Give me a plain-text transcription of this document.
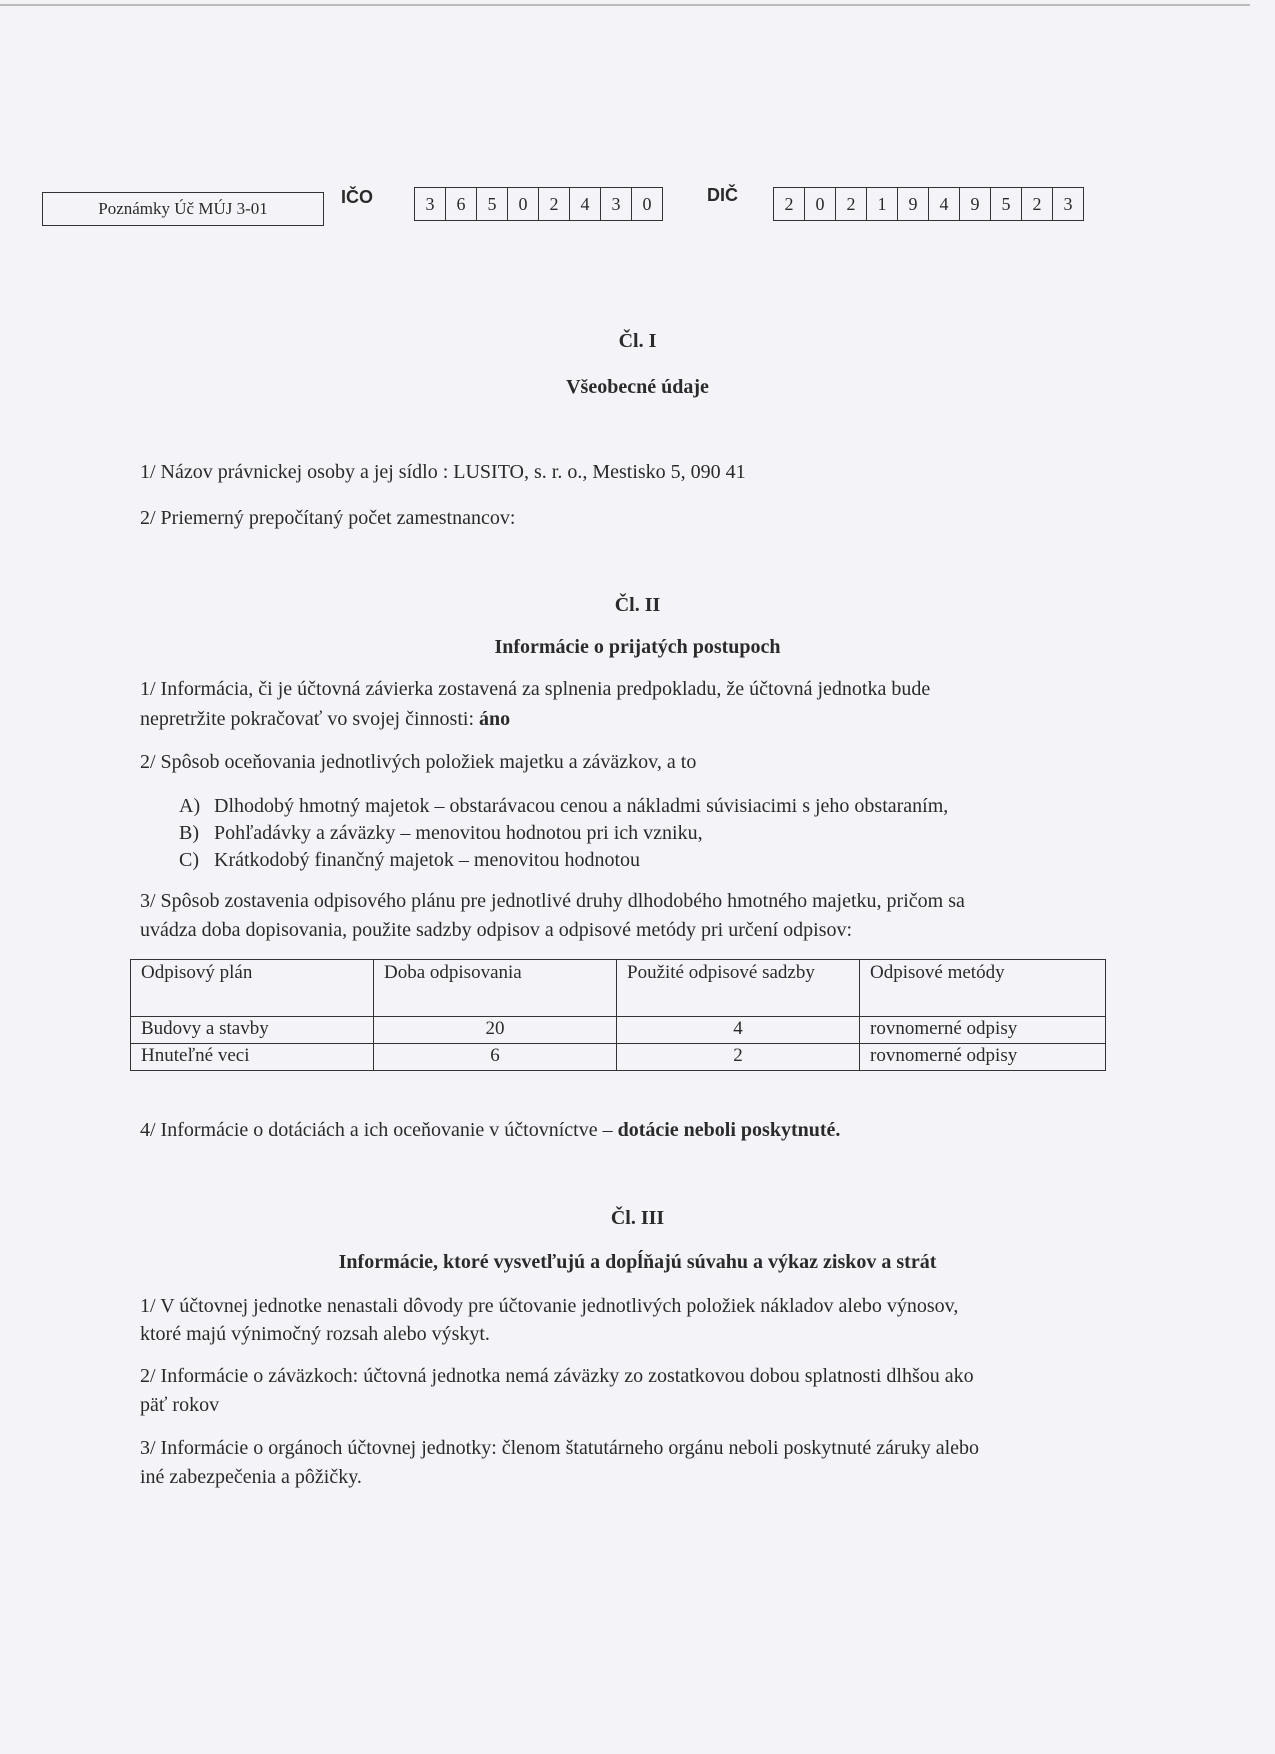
Poznámky Úč MÚJ 3-01
IČO	3	6	5	0	2	4	3	0	DIČ	2	0	2	1	9	4	9	5	2	3
Čl. I
Všeobecné údaje
1/ Názov právnickej osoby a jej sídlo : LUSITO, s. r. o., Mestisko 5, 090 41
2/ Priemerný prepočítaný počet zamestnancov:
Čl. II
Informácie o prijatých postupoch
1/ Informácia, či je účtovná závierka zostavená za splnenia predpokladu, že účtovná jednotka bude
nepretržite pokračovať vo svojej činnosti: áno
2/ Spôsob oceňovania jednotlivých položiek majetku a záväzkov, a to
A) Dlhodobý hmotný majetok – obstarávacou cenou a nákladmi súvisiacimi s jeho obstaraním,
B) Pohľadávky a záväzky – menovitou hodnotou pri ich vzniku,
C) Krátkodobý finančný majetok – menovitou hodnotou
3/ Spôsob zostavenia odpisového plánu pre jednotlivé druhy dlhodobého hmotného majetku, pričom sa
uvádza doba dopisovania, použite sadzby odpisov a odpisové metódy pri určení odpisov:
Odpisový plán	Doba odpisovania	Použité odpisové sadzby	Odpisové metódy
Budovy a stavby	20	4	rovnomerné odpisy
Hnuteľné veci	6	2	rovnomerné odpisy
4/ Informácie o dotáciách a ich oceňovanie v účtovníctve – dotácie neboli poskytnuté.
Čl. III
Informácie, ktoré vysvetľujú a dopĺňajú súvahu a výkaz ziskov a strát
1/ V účtovnej jednotke nenastali dôvody pre účtovanie jednotlivých položiek nákladov alebo výnosov,
ktoré majú výnimočný rozsah alebo výskyt.
2/ Informácie o záväzkoch: účtovná jednotka nemá záväzky zo zostatkovou dobou splatnosti dlhšou ako
päť rokov
3/ Informácie o orgánoch účtovnej jednotky: členom štatutárneho orgánu neboli poskytnuté záruky alebo
iné zabezpečenia a pôžičky.
